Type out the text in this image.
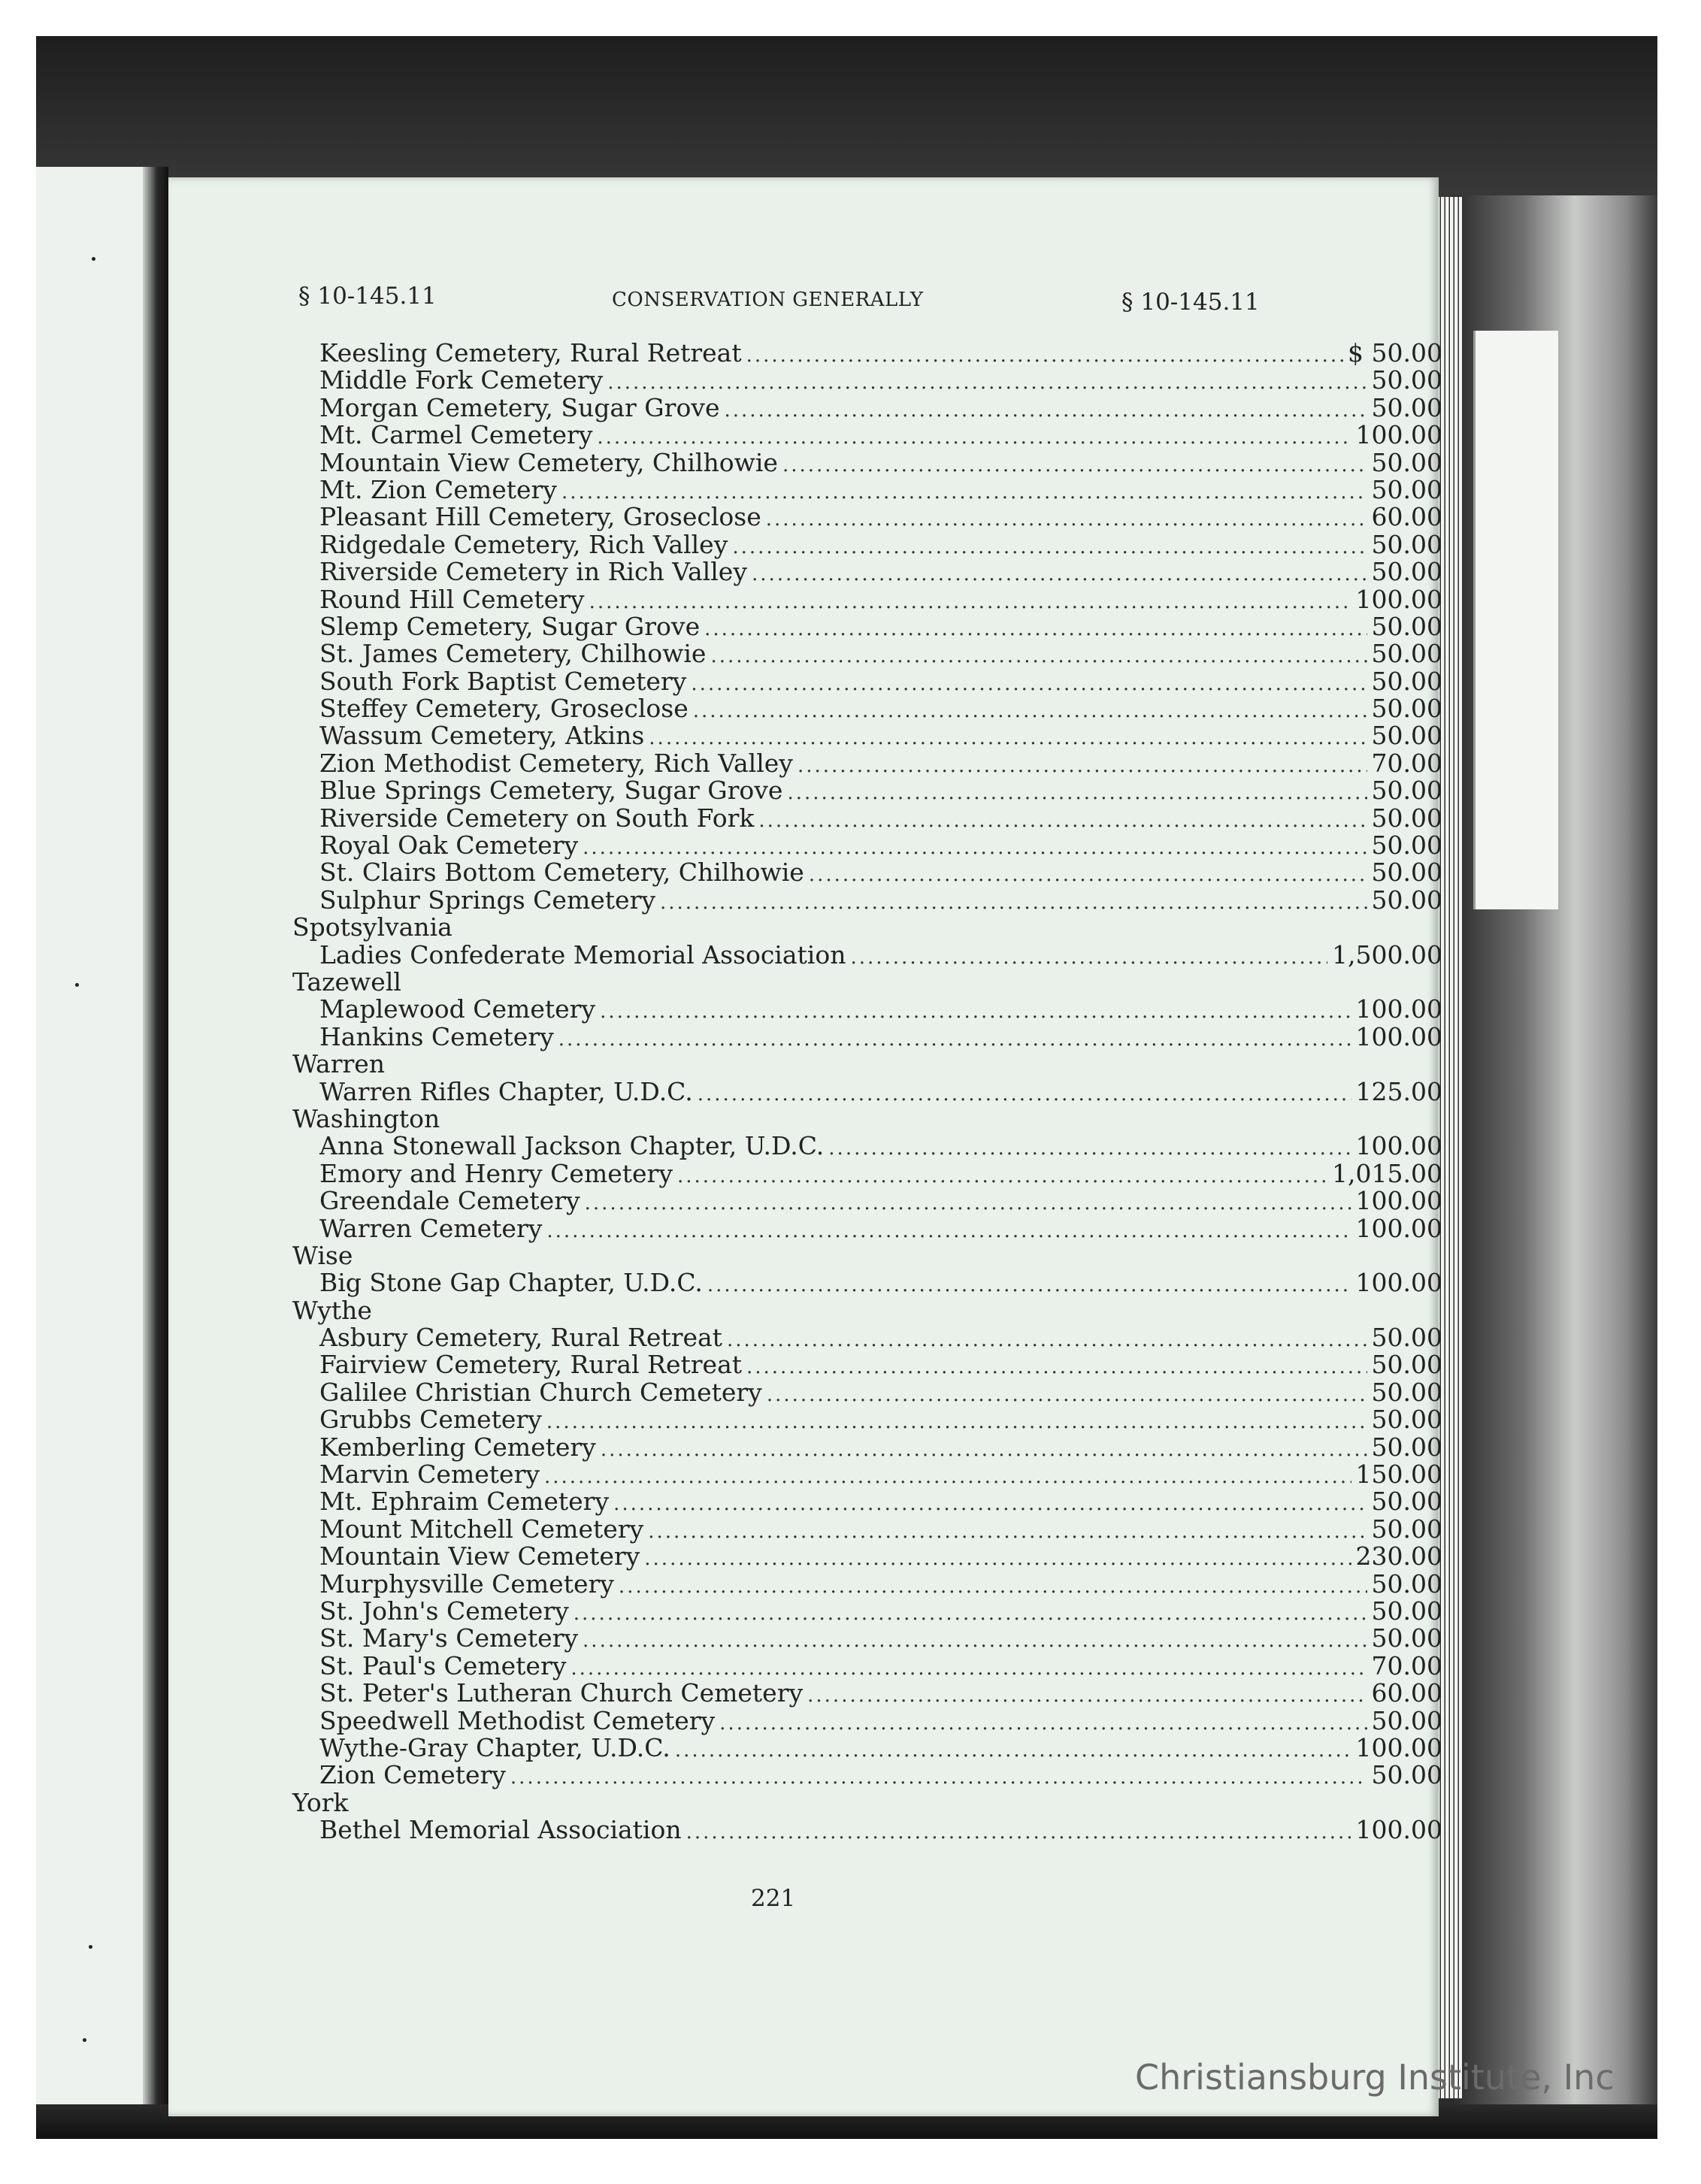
§ 10-145.11	CONSERVATION GENERALLY	§ 10-145.11
Keesling Cemetery, Rural Retreat .....	$ 50.00
Middle Fork Cemetery .....	50.00
Morgan Cemetery, Sugar Grove .....	50.00
Mt. Carmel Cemetery .....	100.00
Mountain View Cemetery, Chilhowie .....	50.00
Mt. Zion Cemetery .....	50.00
Pleasant Hill Cemetery, Groseclose .....	60.00
Ridgedale Cemetery, Rich Valley .....	50.00
Riverside Cemetery in Rich Valley .....	50.00
Round Hill Cemetery .....	100.00
Slemp Cemetery, Sugar Grove .....	50.00
St. James Cemetery, Chilhowie .....	50.00
South Fork Baptist Cemetery .....	50.00
Steffey Cemetery, Groseclose .....	50.00
Wassum Cemetery, Atkins .....	50.00
Zion Methodist Cemetery, Rich Valley .....	70.00
Blue Springs Cemetery, Sugar Grove .....	50.00
Riverside Cemetery on South Fork .....	50.00
Royal Oak Cemetery .....	50.00
St. Clairs Bottom Cemetery, Chilhowie .....	50.00
Sulphur Springs Cemetery .....	50.00
Spotsylvania
Ladies Confederate Memorial Association .....	1,500.00
Tazewell
Maplewood Cemetery .....	100.00
Hankins Cemetery .....	100.00
Warren
Warren Rifles Chapter, U.D.C. .....	125.00
Washington
Anna Stonewall Jackson Chapter, U.D.C. .....	100.00
Emory and Henry Cemetery .....	1,015.00
Greendale Cemetery .....	100.00
Warren Cemetery .....	100.00
Wise
Big Stone Gap Chapter, U.D.C. .....	100.00
Wythe
Asbury Cemetery, Rural Retreat .....	50.00
Fairview Cemetery, Rural Retreat .....	50.00
Galilee Christian Church Cemetery .....	50.00
Grubbs Cemetery .....	50.00
Kemberling Cemetery .....	50.00
Marvin Cemetery .....	150.00
Mt. Ephraim Cemetery .....	50.00
Mount Mitchell Cemetery .....	50.00
Mountain View Cemetery .....	230.00
Murphysville Cemetery .....	50.00
St. John's Cemetery .....	50.00
St. Mary's Cemetery .....	50.00
St. Paul's Cemetery .....	70.00
St. Peter's Lutheran Church Cemetery .....	60.00
Speedwell Methodist Cemetery .....	50.00
Wythe-Gray Chapter, U.D.C. .....	100.00
Zion Cemetery .....	50.00
York
Bethel Memorial Association .....	100.00
221
Christiansburg Institute, Inc
